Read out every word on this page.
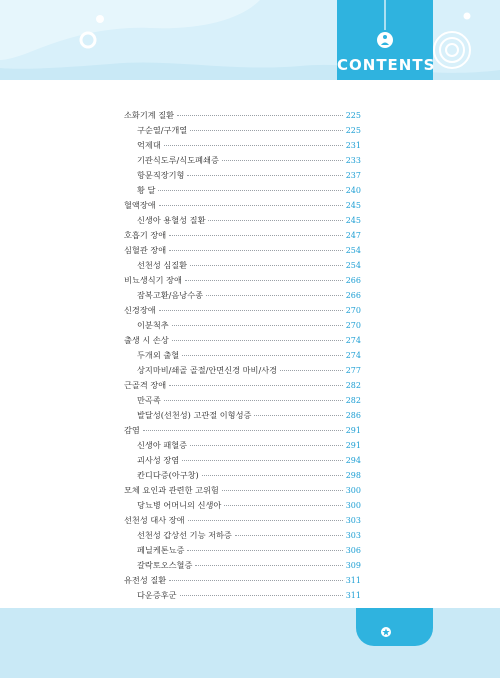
CONTENTS
소화기계 질환	225
구순열/구개열	225
억제대	231
기관식도루/식도폐쇄증	233
항문직장기형	237
황 달	240
혈액장애	245
신생아 용혈성 질환	245
호흡기 장애	247
심혈관 장애	254
선천성 심질환	254
비뇨생식기 장애	266
잠복고환/음낭수종	266
신경장애	270
이분척추	270
출생 시 손상	274
두개외 출혈	274
상지마비/쇄골 골절/안면신경 마비/사경	277
근골격 장애	282
만곡족	282
발달성(선천성) 고관절 이형성증	286
감염	291
신생아 패혈증	291
괴사성 장염	294
칸디다증(아구창)	298
모체 요인과 관련한 고위험	300
당뇨병 어머니의 신생아	300
선천성 대사 장애	303
선천성 갑상선 기능 저하증	303
페닐케톤뇨증	306
갈락토오스혈증	309
유전성 질환	311
다운증후군	311
